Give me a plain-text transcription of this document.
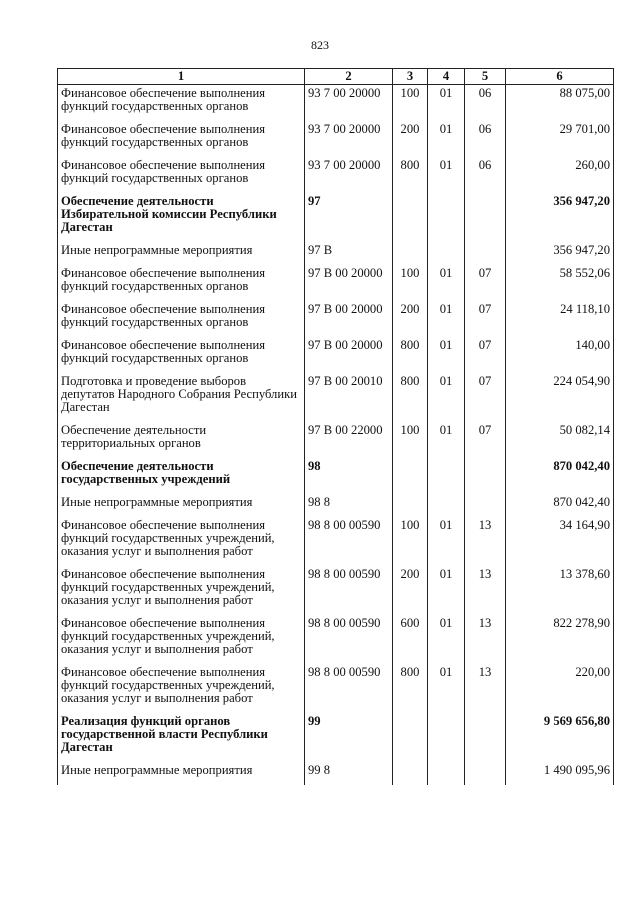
823
1	2	3	4	5	6
Финансовое обеспечение выполнения функций государственных органов	93 7 00 20000	100	01	06	88 075,00
Финансовое обеспечение выполнения функций государственных органов	93 7 00 20000	200	01	06	29 701,00
Финансовое обеспечение выполнения функций государственных органов	93 7 00 20000	800	01	06	260,00
Обеспечение деятельности Избирательной комиссии Республики Дагестан	97				356 947,20
Иные непрограммные мероприятия	97 В				356 947,20
Финансовое обеспечение выполнения функций государственных органов	97 В 00 20000	100	01	07	58 552,06
Финансовое обеспечение выполнения функций государственных органов	97 В 00 20000	200	01	07	24 118,10
Финансовое обеспечение выполнения функций государственных органов	97 В 00 20000	800	01	07	140,00
Подготовка и проведение выборов депутатов Народного Собрания Республики Дагестан	97 В 00 20010	800	01	07	224 054,90
Обеспечение деятельности территориальных органов	97 В 00 22000	100	01	07	50 082,14
Обеспечение деятельности государственных учреждений	98				870 042,40
Иные непрограммные мероприятия	98 8				870 042,40
Финансовое обеспечение выполнения функций государственных учреждений, оказания услуг и выполнения работ	98 8 00 00590	100	01	13	34 164,90
Финансовое обеспечение выполнения функций государственных учреждений, оказания услуг и выполнения работ	98 8 00 00590	200	01	13	13 378,60
Финансовое обеспечение выполнения функций государственных учреждений, оказания услуг и выполнения работ	98 8 00 00590	600	01	13	822 278,90
Финансовое обеспечение выполнения функций государственных учреждений, оказания услуг и выполнения работ	98 8 00 00590	800	01	13	220,00
Реализация функций органов государственной власти Республики Дагестан	99				9 569 656,80
Иные непрограммные мероприятия	99 8				1 490 095,96
